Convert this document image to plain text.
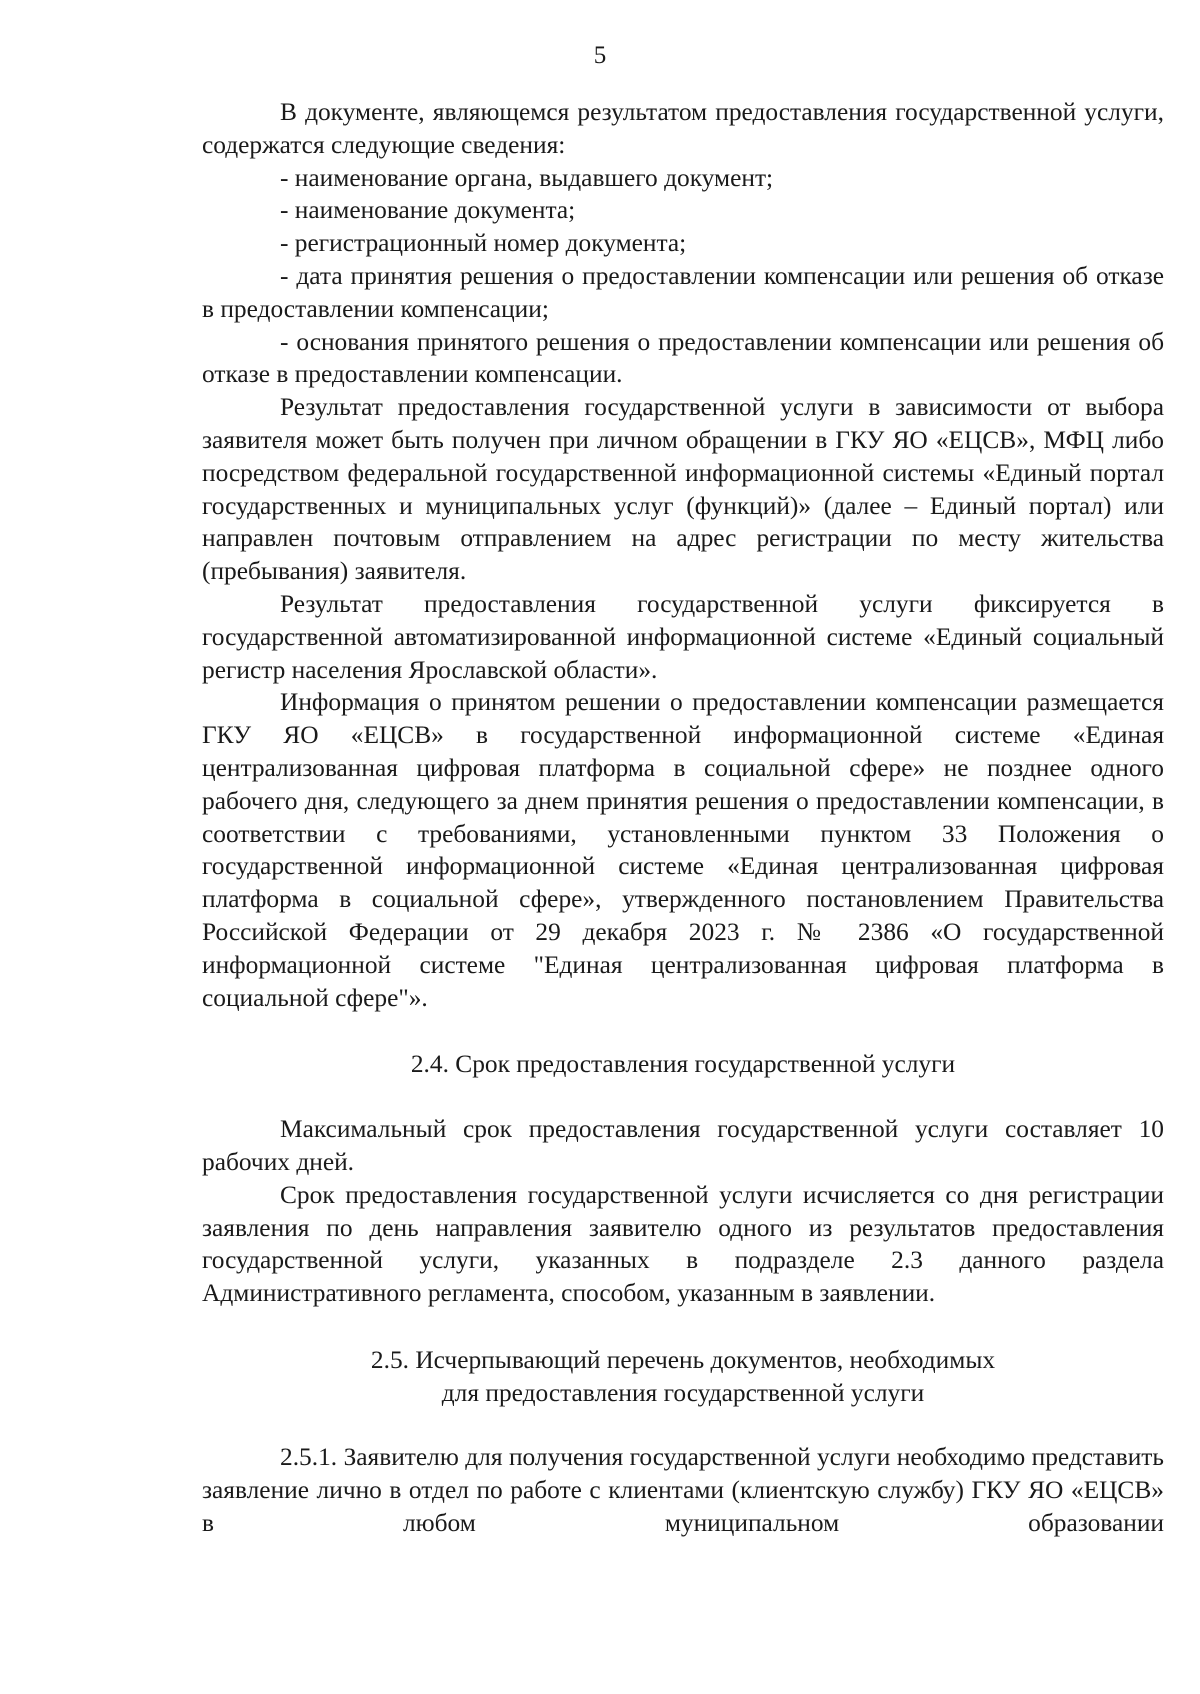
5

В документе, являющемся результатом предоставления государственной услуги, содержатся следующие сведения:

- наименование органа, выдавшего документ;

- наименование документа;

- регистрационный номер документа;

- дата принятия решения о предоставлении компенсации или решения об отказе в предоставлении компенсации;

- основания принятого решения о предоставлении компенсации или решения об отказе в предоставлении компенсации.

Результат предоставления государственной услуги в зависимости от выбора заявителя может быть получен при личном обращении в ГКУ ЯО «ЕЦСВ», МФЦ либо посредством федеральной государственной информационной системы «Единый портал государственных и муниципальных услуг (функций)» (далее – Единый портал) или направлен почтовым отправлением на адрес регистрации по месту жительства (пребывания) заявителя.

Результат предоставления государственной услуги фиксируется в государственной автоматизированной информационной системе «Единый социальный регистр населения Ярославской области».

Информация о принятом решении о предоставлении компенсации размещается ГКУ ЯО «ЕЦСВ» в государственной информационной системе «Единая централизованная цифровая платформа в социальной сфере» не позднее одного рабочего дня, следующего за днем принятия решения о предоставлении компенсации, в соответствии с требованиями, установленными пунктом 33 Положения о государственной информационной системе «Единая централизованная цифровая платформа в социальной сфере», утвержденного постановлением Правительства Российской Федерации от 29 декабря 2023 г. № 2386 «О государственной информационной системе "Единая централизованная цифровая платформа в социальной сфере"».

2.4. Срок предоставления государственной услуги

Максимальный срок предоставления государственной услуги составляет 10 рабочих дней.

Срок предоставления государственной услуги исчисляется со дня регистрации заявления по день направления заявителю одного из результатов предоставления государственной услуги, указанных в подразделе 2.3 данного раздела Административного регламента, способом, указанным в заявлении.

2.5. Исчерпывающий перечень документов, необходимых
для предоставления государственной услуги

2.5.1. Заявителю для получения государственной услуги необходимо представить заявление лично в отдел по работе с клиентами (клиентскую службу) ГКУ ЯО «ЕЦСВ» в любом муниципальном образовании
